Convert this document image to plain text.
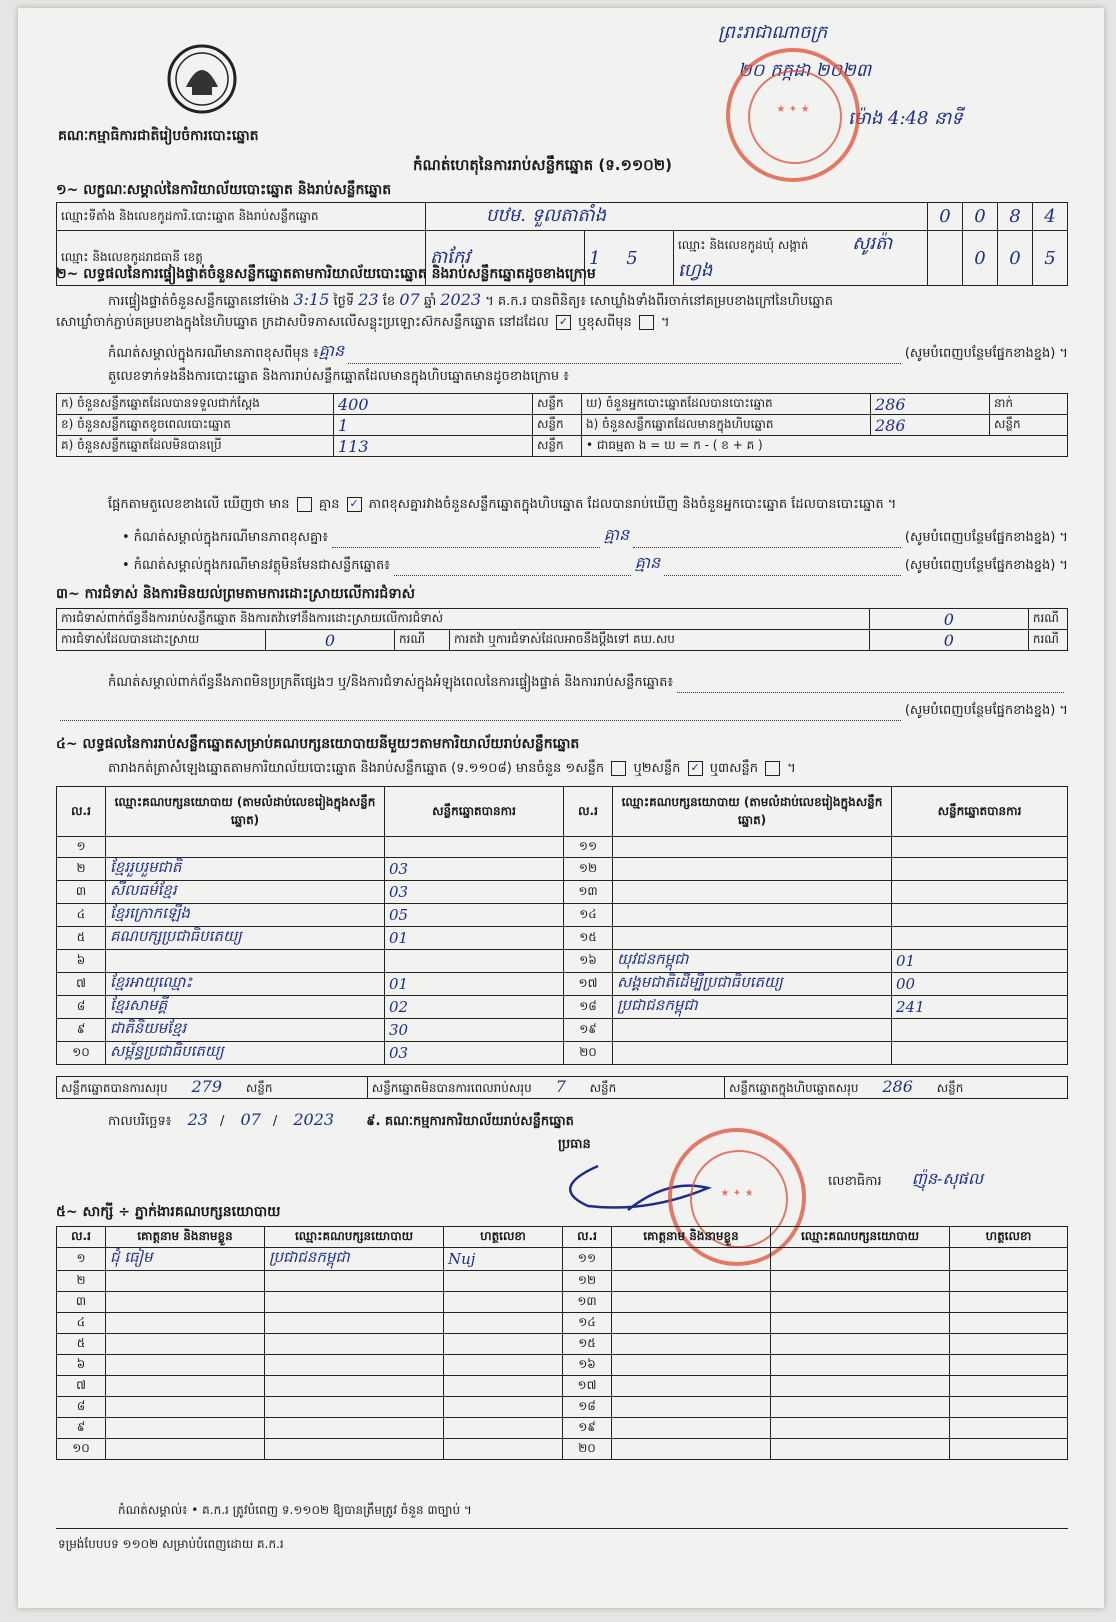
គណៈកម្មាធិការជាតិរៀបចំការបោះឆ្នោត
កំណត់ហេតុនៃការរាប់សន្លឹកឆ្នោត (ទ.១១០២)
ព្រះរាជាណាចក្រ
២០ កក្កដា ២០២៣
ម៉ោង 4:48 នាទី
★ ✦ ★
១~ លក្ខណៈសម្គាល់នៃការិយាល័យបោះឆ្នោត និងរាប់សន្លឹកឆ្នោត
ឈ្មោះទីតាំង និងលេខកូដការិ.បោះឆ្នោត និងរាប់សន្លឹកឆ្នោត	បឋម. ទួលតាតាំង			0	0	8	4
ឈ្មោះ និងលេខកូដរាជធានី ខេត្ត	តាកែវ	1 5	ឈ្មោះ និងលេខកូដឃុំ សង្កាត់ សូរត៉ាហ្វេង		0	0	5
២~ លទ្ធផលនៃការផ្ទៀងផ្ទាត់ចំនួនសន្លឹកឆ្នោតតាមការិយាល័យបោះឆ្នោត និងរាប់សន្លឹកឆ្នោតដូចខាងក្រោម
ការផ្ទៀងផ្ទាត់ចំនួនសន្លឹកឆ្នោតនៅម៉ោង 3:15 ថ្ងៃទី 23 ខែ 07 ឆ្នាំ 2023 ។ គ.ក.រ បានពិនិត្យ៖ សោឃ្លាំងទាំងពីរចាក់នៅគម្របខាងក្រៅនៃហិបឆ្នោត
សោឃ្លាំចាក់ភ្ជាប់គម្របខាងក្នុងនៃហិបឆ្នោត ក្រដាសបិទភាសលើសន្លុះប្រឡោះស៊កសន្លឹកឆ្នោត នៅដដែល ✓ ឬខុសពីមុន  ។
កំណត់សម្គាល់ក្នុងករណីមានភាពខុសពីមុន ៖ គ្មាន	(សូមបំពេញបន្ថែមផ្នែកខាងខ្នង) ។
តួលេខទាក់ទងនឹងការបោះឆ្នោត និងការរាប់សន្លឹកឆ្នោតដែលមានក្នុងហិបឆ្នោតមានដូចខាងក្រោម ៖
ក) ចំនួនសន្លឹកឆ្នោតដែលបានទទួលជាក់ស្តែង	400	សន្លឹក	ឃ) ចំនួនអ្នកបោះឆ្នោតដែលបានបោះឆ្នោត	286	នាក់
ខ) ចំនួនសន្លឹកឆ្នោតខូចពេលបោះឆ្នោត	1	សន្លឹក	ង) ចំនួនសន្លឹកឆ្នោតដែលមានក្នុងហិបឆ្នោត	286	សន្លឹក
គ) ចំនួនសន្លឹកឆ្នោតដែលមិនបានប្រើ	113	សន្លឹក	• ជាធម្មតា ង = ឃ = ក - ( ខ + គ )		
ផ្អែកតាមតួលេខខាងលើ ឃើញថា មាន គ្មាន ✓ ភាពខុសគ្នារវាងចំនួនសន្លឹកឆ្នោតក្នុងហិបឆ្នោត ដែលបានរាប់ឃើញ និងចំនួនអ្នកបោះឆ្នោត ដែលបានបោះឆ្នោត ។
• កំណត់សម្គាល់ក្នុងករណីមានភាពខុសគ្នា៖	គ្មាន	(សូមបំពេញបន្ថែមផ្នែកខាងខ្នង) ។
• កំណត់សម្គាល់ក្នុងករណីមានវត្ថុមិនមែនជាសន្លឹកឆ្នោត៖	គ្មាន	(សូមបំពេញបន្ថែមផ្នែកខាងខ្នង) ។
៣~ ការជំទាស់ និងការមិនយល់ព្រមតាមការដោះស្រាយលើការជំទាស់
ការជំទាស់ពាក់ព័ន្ធនឹងការរាប់សន្លឹកឆ្នោត និងការតវ៉ាទៅនឹងការដោះស្រាយលើការជំទាស់				0	ករណី
ការជំទាស់ដែលបានដោះស្រាយ	0	ករណី	ការតវ៉ា ឬការជំទាស់ដែលអាចនឹងប្តឹងទៅ គឃ.សប	0	ករណី
កំណត់សម្គាល់ពាក់ព័ន្ធនឹងភាពមិនប្រក្រតីផ្សេងៗ ឬ/និងការជំទាស់ក្នុងអំឡុងពេលនៃការផ្ទៀងផ្ទាត់ និងការរាប់សន្លឹកឆ្នោត៖
(សូមបំពេញបន្ថែមផ្នែកខាងខ្នង) ។
៤~ លទ្ធផលនៃការរាប់សន្លឹកឆ្នោតសម្រាប់គណបក្សនយោបាយនីមួយៗតាមការិយាល័យរាប់សន្លឹកឆ្នោត
តារាងកត់ត្រាសំឡេងឆ្នោតតាមការិយាល័យបោះឆ្នោត និងរាប់សន្លឹកឆ្នោត (ទ.១១០៨) មានចំនួន ១សន្លឹក ឬ២សន្លឹក ✓ ឬ៣សន្លឹក  ។
ល.រ	ឈ្មោះគណបក្សនយោបាយ (តាមលំដាប់លេខរៀងក្នុងសន្លឹកឆ្នោត)	សន្លឹកឆ្នោតបានការ	ល.រ	ឈ្មោះគណបក្សនយោបាយ (តាមលំដាប់លេខរៀងក្នុងសន្លឹកឆ្នោត)	សន្លឹកឆ្នោតបានការ
១			១១		
២	ខ្មែររួបរួមជាតិ	03	១២		
៣	សីលធម៌ខ្មែរ	03	១៣		
៤	ខ្មែរក្រោកឡើង	05	១៤		
៥	គណបក្សប្រជាធិបតេយ្យ	01	១៥		
៦			១៦	យុវជនកម្ពុជា	01
៧	ខ្មែរអាយុឈ្មោះ	01	១៧	សង្គមជាតិដើម្បីប្រជាធិបតេយ្យ	00
៨	ខ្មែរសាមគ្គី	02	១៨	ប្រជាជនកម្ពុជា	241
៩	ជាតិនិយមខ្មែរ	30	១៩		
១០	សម្ព័ន្ធប្រជាធិបតេយ្យ	03	២០		
សន្លឹកឆ្នោតបានការសរុប 279 សន្លឹក	សន្លឹកឆ្នោតមិនបានការពេលរាប់សរុប 7 សន្លឹក	សន្លឹកឆ្នោតក្នុងហិបឆ្នោតសរុប 286 សន្លឹក
កាលបរិច្ឆេទ៖ 23 / 07 / 2023 ៩. គណៈកម្មការការិយាល័យរាប់សន្លឹកឆ្នោត
ប្រធាន
★ ✦ ★
លេខាធិការ ញ៉ុន-សុផល
៥~ សាក្សី ÷ ភ្នាក់ងារគណបក្សនយោបាយ
ល.រ	គោត្តនាម និងនាមខ្លួន	ឈ្មោះគណបក្សនយោបាយ	ហត្ថលេខា	ល.រ	គោត្តនាម និងនាមខ្លួន	ឈ្មោះគណបក្សនយោបាយ	ហត្ថលេខា
១	ជុំ ធៀម	ប្រជាជនកម្ពុជា	Nuj	១១			
២				១២			
៣				១៣			
៤				១៤			
៥				១៥			
៦				១៦			
៧				១៧			
៨				១៨			
៩				១៩			
១០				២០			
កំណត់សម្គាល់៖ • គ.ក.រ ត្រូវបំពេញ ទ.១១០២ ឱ្យបានត្រឹមត្រូវ ចំនួន ៣ច្បាប់ ។
ទម្រង់បែបបទ ១១០២ សម្រាប់បំពេញដោយ គ.ក.រ
